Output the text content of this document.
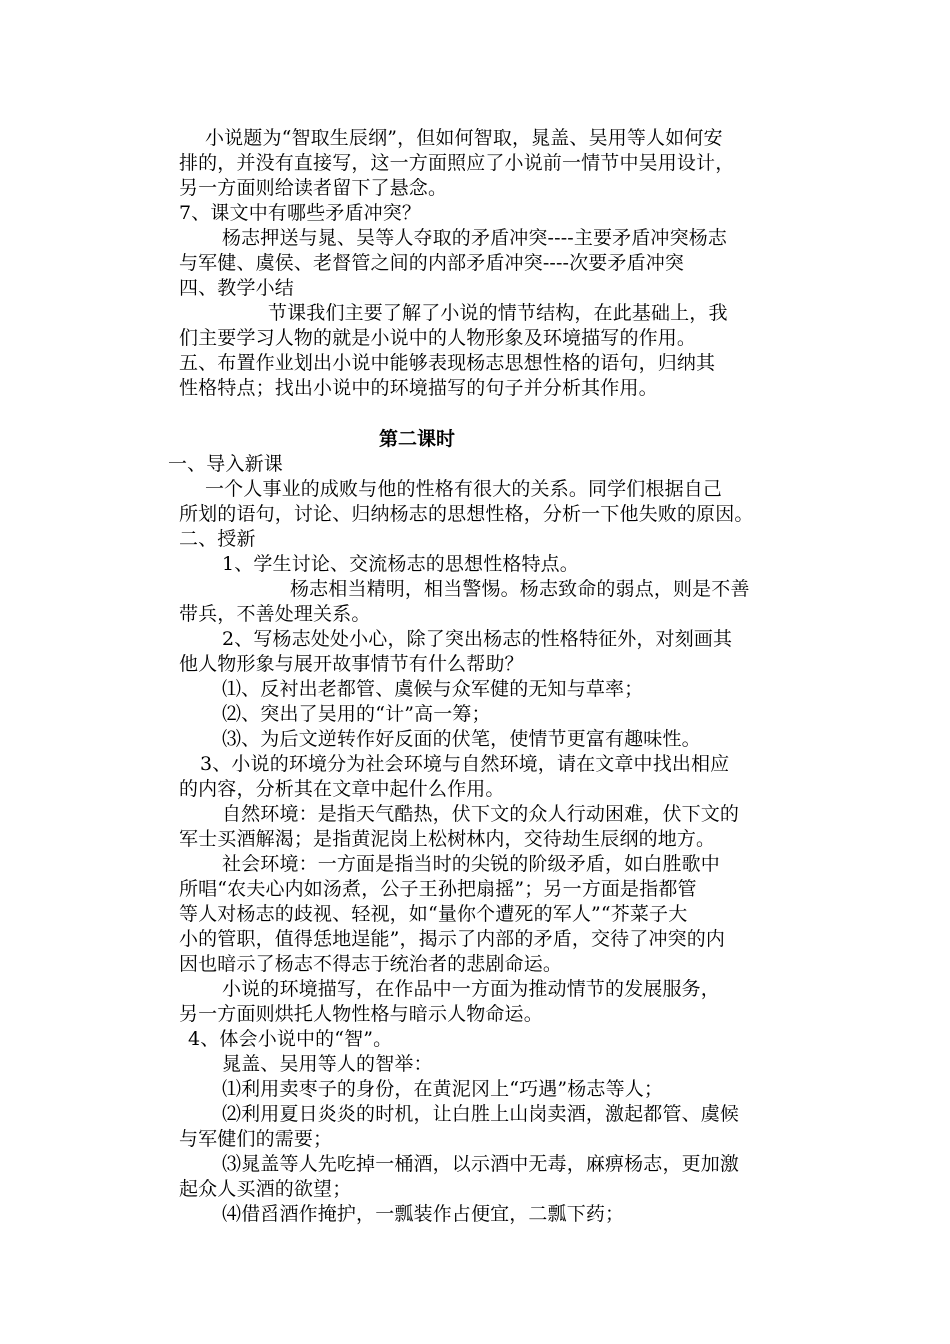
小说题为“智取生辰纲”，但如何智取，晁盖、吴用等人如何安
排的，并没有直接写，这一方面照应了小说前一情节中吴用设计，
另一方面则给读者留下了悬念。
7、课文中有哪些矛盾冲突？
杨志押送与晁、吴等人夺取的矛盾冲突----主要矛盾冲突杨志
与军健、虞侯、老督管之间的内部矛盾冲突----次要矛盾冲突
四、教学小结
节课我们主要了解了小说的情节结构，在此基础上，我
们主要学习人物的就是小说中的人物形象及环境描写的作用。
五、布置作业划出小说中能够表现杨志思想性格的语句，归纳其
性格特点；找出小说中的环境描写的句子并分析其作用。
第二课时
一、导入新课
一个人事业的成败与他的性格有很大的关系。同学们根据自己
所划的语句，讨论、归纳杨志的思想性格，分析一下他失败的原因。
二、授新
1、学生讨论、交流杨志的思想性格特点。
杨志相当精明，相当警惕。杨志致命的弱点，则是不善
带兵，不善处理关系。
2、写杨志处处小心，除了突出杨志的性格特征外，对刻画其
他人物形象与展开故事情节有什么帮助？
⑴、反衬出老都管、虞候与众军健的无知与草率；
⑵、突出了吴用的“计”高一筹；
⑶、为后文逆转作好反面的伏笔，使情节更富有趣味性。
3、小说的环境分为社会环境与自然环境，请在文章中找出相应
的内容，分析其在文章中起什么作用。
自然环境：是指天气酷热，伏下文的众人行动困难，伏下文的
军士买酒解渴；是指黄泥岗上松树林内，交待劫生辰纲的地方。
社会环境：一方面是指当时的尖锐的阶级矛盾，如白胜歌中
所唱“农夫心内如汤煮，公子王孙把扇摇”；另一方面是指都管
等人对杨志的歧视、轻视，如“量你个遭死的军人”“芥菜子大
小的管职，值得恁地逞能”，揭示了内部的矛盾，交待了冲突的内
因也暗示了杨志不得志于统治者的悲剧命运。
小说的环境描写，在作品中一方面为推动情节的发展服务，
另一方面则烘托人物性格与暗示人物命运。
4、体会小说中的“智”。
晁盖、吴用等人的智举：
⑴利用卖枣子的身份，在黄泥冈上“巧遇”杨志等人；
⑵利用夏日炎炎的时机，让白胜上山岗卖酒，激起都管、虞候
与军健们的需要；
⑶晁盖等人先吃掉一桶酒，以示酒中无毒，麻痹杨志，更加激
起众人买酒的欲望；
⑷借舀酒作掩护，一瓢装作占便宜，二瓢下药；
